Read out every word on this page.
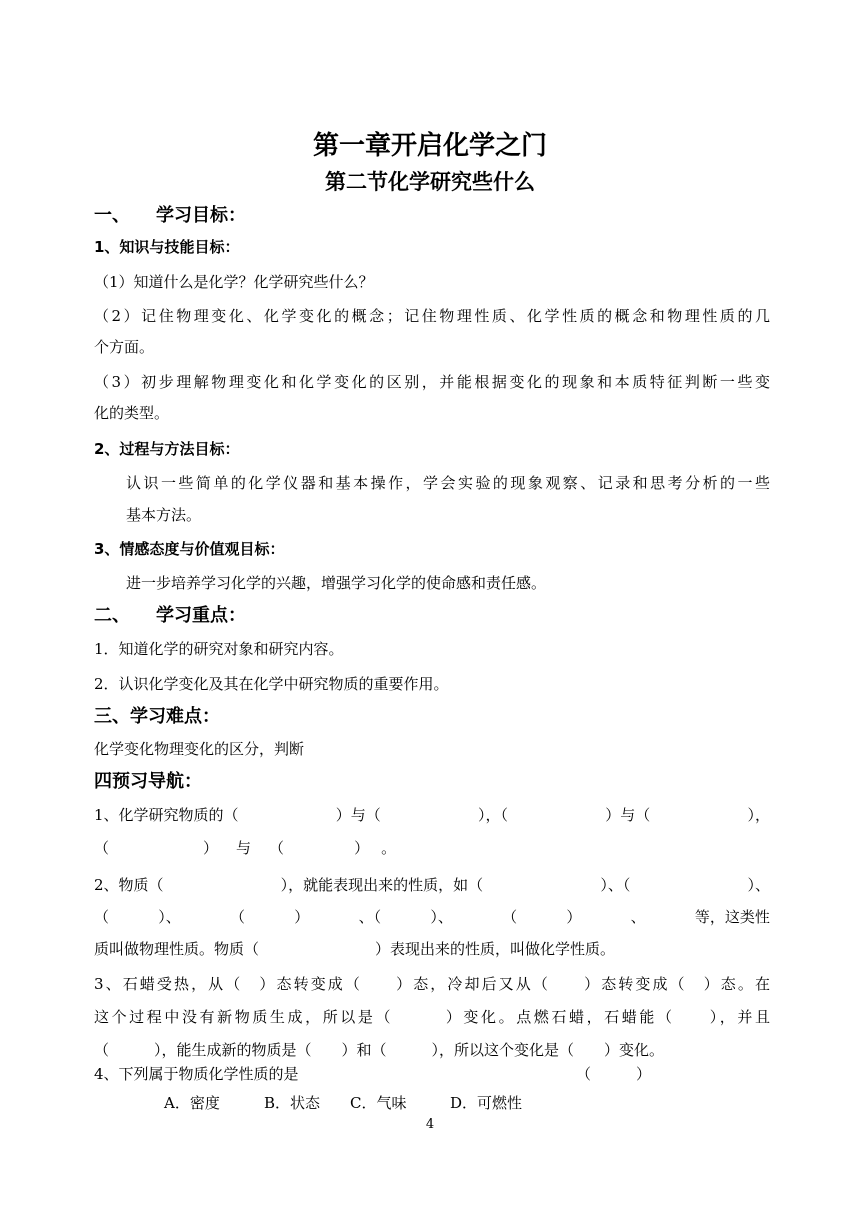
第一章开启化学之门
第二节化学研究些什么
一、 学习目标：
1、知识与技能目标：
（1）知道什么是化学？化学研究些什么？
（2）记住物理变化、化学变化的概念；记住物理性质、化学性质的概念和物理性质的几
个方面。
（3）初步理解物理变化和化学变化的区别，并能根据变化的现象和本质特征判断一些变
化的类型。
2、过程与方法目标：
认识一些简单的化学仪器和基本操作，学会实验的现象观察、记录和思考分析的一些
基本方法。
3、情感态度与价值观目标：
进一步培养学习化学的兴趣，增强学习化学的使命感和责任感。
二、 学习重点：
1．知道化学的研究对象和研究内容。
2．认识化学变化及其在化学中研究物质的重要作用。
三、学习难点：
化学变化物理变化的区分，判断
四预习导航：
1、化学研究物质的（	）与（	），（	）与（	），
（	） 与 （	） 。
2、物质（	），就能表现出来的性质，如（	）、（	）、
（	）、	（	）	、（	）、	（	）	、	等，这类性
质叫做物理性质。物质（	）表现出来的性质，叫做化学性质。
3、石蜡受热，从（　）态转变成（　　）态，冷却后又从（　　）态转变成（　）态。在
这个过程中没有新物质生成，所以是（　　　）变化。点燃石蜡，石蜡能（　　），并且
（　　　），能生成新的物质是（　　）和（　　　），所以这个变化是（　　）变化。
4、下列属于物质化学性质的是	（　　　）
A．密度	B．状态 C．气味	D．可燃性
4
